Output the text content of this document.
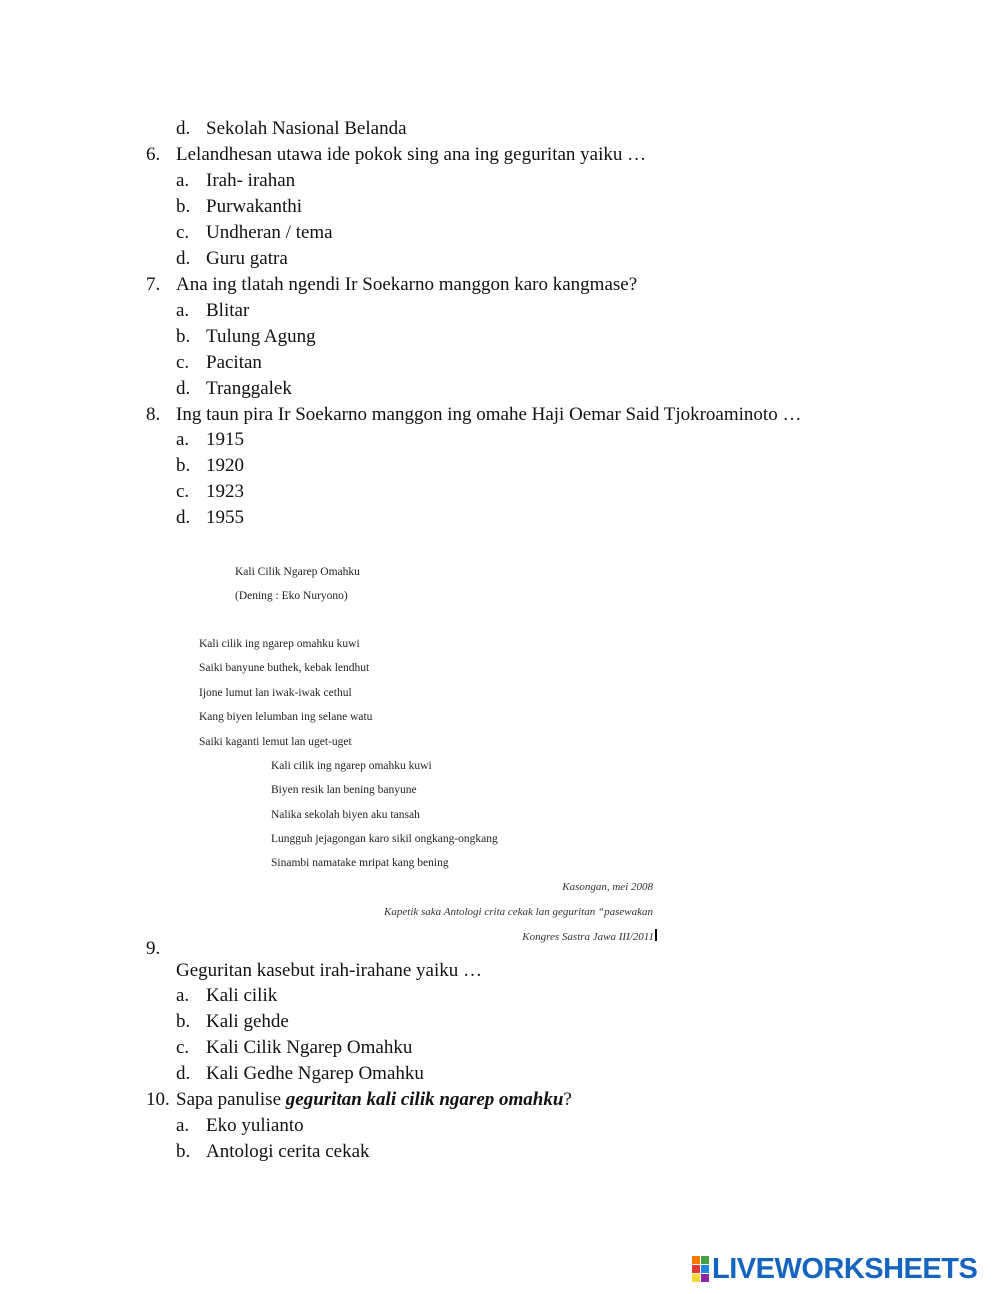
d. Sekolah Nasional Belanda
6. Lelandhesan utawa ide pokok sing ana ing geguritan yaiku …
a. Irah- irahan
b. Purwakanthi
c. Undheran / tema
d. Guru gatra
7. Ana ing tlatah ngendi Ir Soekarno manggon karo kangmase?
a. Blitar
b. Tulung Agung
c. Pacitan
d. Tranggalek
8. Ing taun pira Ir Soekarno manggon ing omahe Haji Oemar Said Tjokroaminoto …
a. 1915
b. 1920
c. 1923
d. 1955
Kali Cilik Ngarep Omahku
(Dening : Eko Nuryono)
Kali cilik ing ngarep omahku kuwi
Saiki banyune buthek, kebak lendhut
Ijone lumut lan iwak-iwak cethul
Kang biyen lelumban ing selane watu
Saiki kaganti lemut lan uget-uget
Kali cilik ing ngarep omahku kuwi
Biyen resik lan bening banyune
Nalika sekolah biyen aku tansah
Lungguh jejagongan karo sikil ongkang-ongkang
Sinambi namatake mripat kang bening
Kasongan, mei 2008
Kapetik saka Antologi crita cekak lan geguritan “pasewakan
Kongres Sastra Jawa III/2011
9.
Geguritan kasebut irah-irahane yaiku …
a. Kali cilik
b. Kali gehde
c. Kali Cilik Ngarep Omahku
d. Kali Gedhe Ngarep Omahku
10. Sapa panulise geguritan kali cilik ngarep omahku?
a. Eko yulianto
b. Antologi cerita cekak
LIVEWORKSHEETS
